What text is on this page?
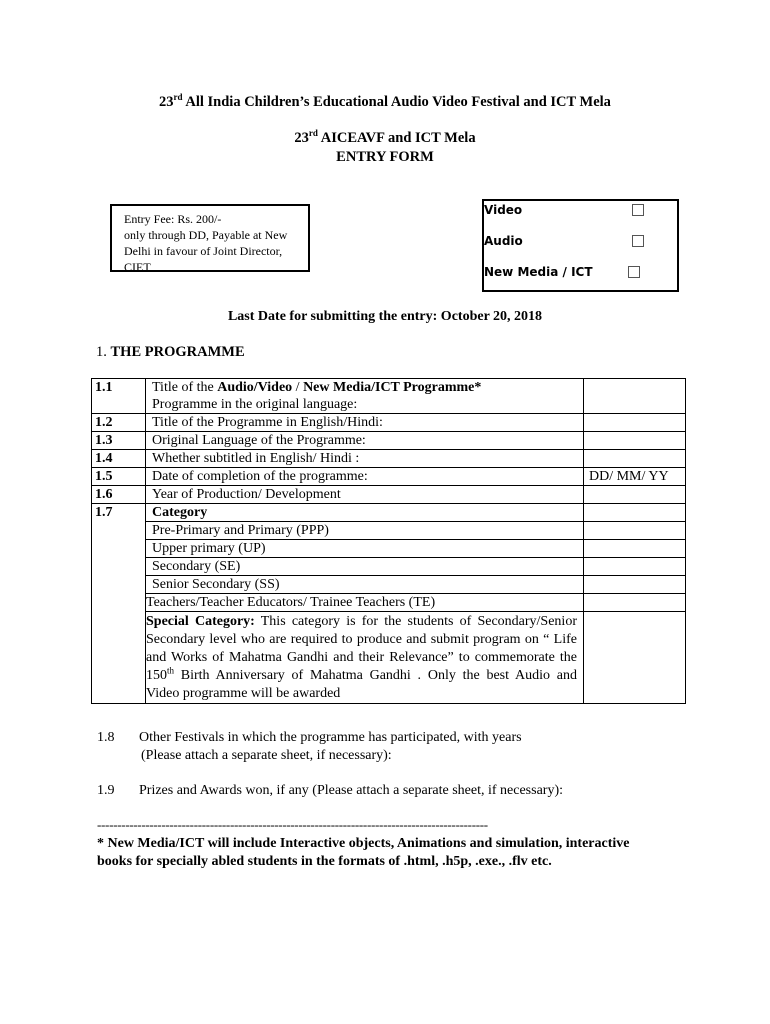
23rd All India Children’s Educational Audio Video Festival and ICT Mela
23rd AICEAVF and ICT Mela
ENTRY FORM
Entry Fee: Rs. 200/-
only through DD, Payable at New
Delhi in favour of Joint Director,
CIET
Video
Audio
New Media / ICT
Last Date for submitting the entry: October 20, 2018
1. THE PROGRAMME
1.1	Title of the Audio/Video / New Media/ICT Programme*
Programme in the original language:	
1.2	Title of the Programme in English/Hindi:	
1.3	Original Language of the Programme:	
1.4	Whether subtitled in English/ Hindi :	
1.5	Date of completion of the programme:	DD/ MM/ YY
1.6	Year of Production/ Development	
1.7	Category	
	Pre-Primary and Primary (PPP)	
	Upper primary (UP)	
	Secondary (SE)	
	Senior Secondary (SS)	
	Teachers/Teacher Educators/ Trainee Teachers (TE)	

	Special Category: This category is for the students of Secondary/Senior Secondary level who are required to produce and submit program on “ Life and Works of Mahatma Gandhi and their Relevance” to commemorate the 150th Birth Anniversary of Mahatma Gandhi . Only the best Audio and Video programme will be awarded	

1.8 Other Festivals in which the programme has participated, with years
(Please attach a separate sheet, if necessary):
1.9 Prizes and Awards won, if any (Please attach a separate sheet, if necessary):
-------------------------------------------------------------------------------------------------
* New Media/ICT will include Interactive objects, Animations and simulation, interactive
books for specially abled students in the formats of .html, .h5p, .exe., .flv etc.
